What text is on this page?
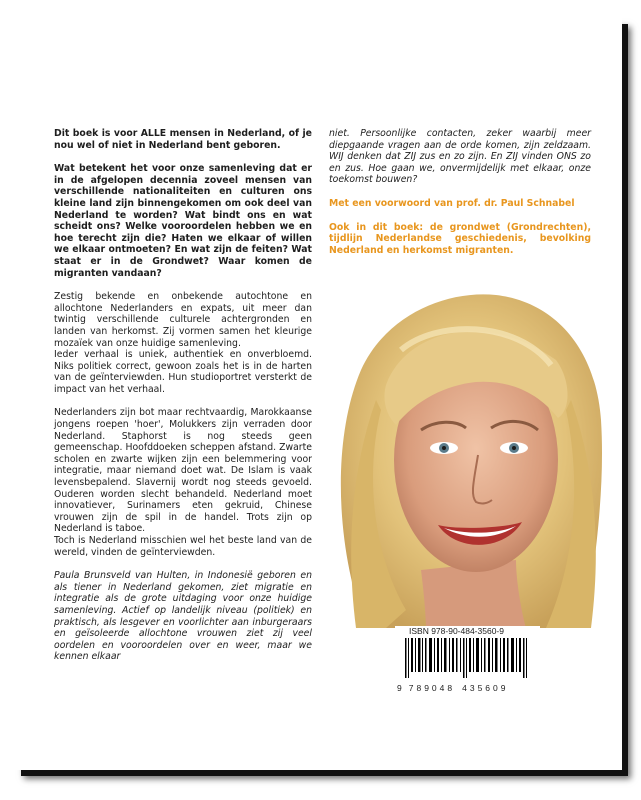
Dit boek is voor ALLE mensen in Nederland, of je nou wel of niet in Nederland bent geboren.

Wat betekent het voor onze samenleving dat er in de afgelopen decennia zoveel mensen van verschillende nationaliteiten en culturen ons kleine land zijn binnengekomen om ook deel van Nederland te worden? Wat bindt ons en wat scheidt ons? Welke vooroordelen hebben we en hoe terecht zijn die? Haten we elkaar of willen we elkaar ontmoeten? En wat zijn de feiten? Wat staat er in de Grondwet? Waar komen de migranten vandaan?

Zestig bekende en onbekende autochtone en allochtone Nederlanders en expats, uit meer dan twintig verschillende culturele achtergronden en landen van herkomst. Zij vormen samen het kleurige mozaïek van onze huidige samenleving.

Ieder verhaal is uniek, authentiek en onverbloemd. Niks politiek correct, gewoon zoals het is in de harten van de geïnterviewden. Hun studioportret versterkt de impact van het verhaal.

Nederlanders zijn bot maar rechtvaardig, Marokkaanse jongens roepen 'hoer', Molukkers zijn verraden door Nederland. Staphorst is nog steeds geen gemeenschap. Hoofddoeken scheppen afstand. Zwarte scholen en zwarte wijken zijn een belemmering voor integratie, maar niemand doet wat. De Islam is vaak levensbepalend. Slavernij wordt nog steeds gevoeld. Ouderen worden slecht behandeld. Nederland moet innovatiever, Surinamers eten gekruid, Chinese vrouwen zijn de spil in de handel. Trots zijn op Nederland is taboe.

Toch is Nederland misschien wel het beste land van de wereld, vinden de geïnterviewden.

Paula Brunsveld van Hulten, in Indonesië geboren en als tiener in Nederland gekomen, ziet migratie en integratie als de grote uitdaging voor onze huidige samenleving. Actief op landelijk niveau (politiek) en praktisch, als lesgever en voorlichter aan inburgeraars en geïsoleerde allochtone vrouwen ziet zij veel oordelen en vooroordelen over en weer, maar we kennen elkaar

niet. Persoonlijke contacten, zeker waarbij meer diepgaande vragen aan de orde komen, zijn zeldzaam. WIJ denken dat ZIJ zus en zo zijn. En ZIJ vinden ONS zo en zus. Hoe gaan we, onvermijdelijk met elkaar, onze toekomst bouwen?

Met een voorwoord van prof. dr. Paul Schnabel

Ook in dit boek: de grondwet (Grondrechten), tijdlijn Nederlandse geschiedenis, bevolking Nederland en herkomst migranten.

ISBN 978-90-484-3560-9
9 789048 435609
